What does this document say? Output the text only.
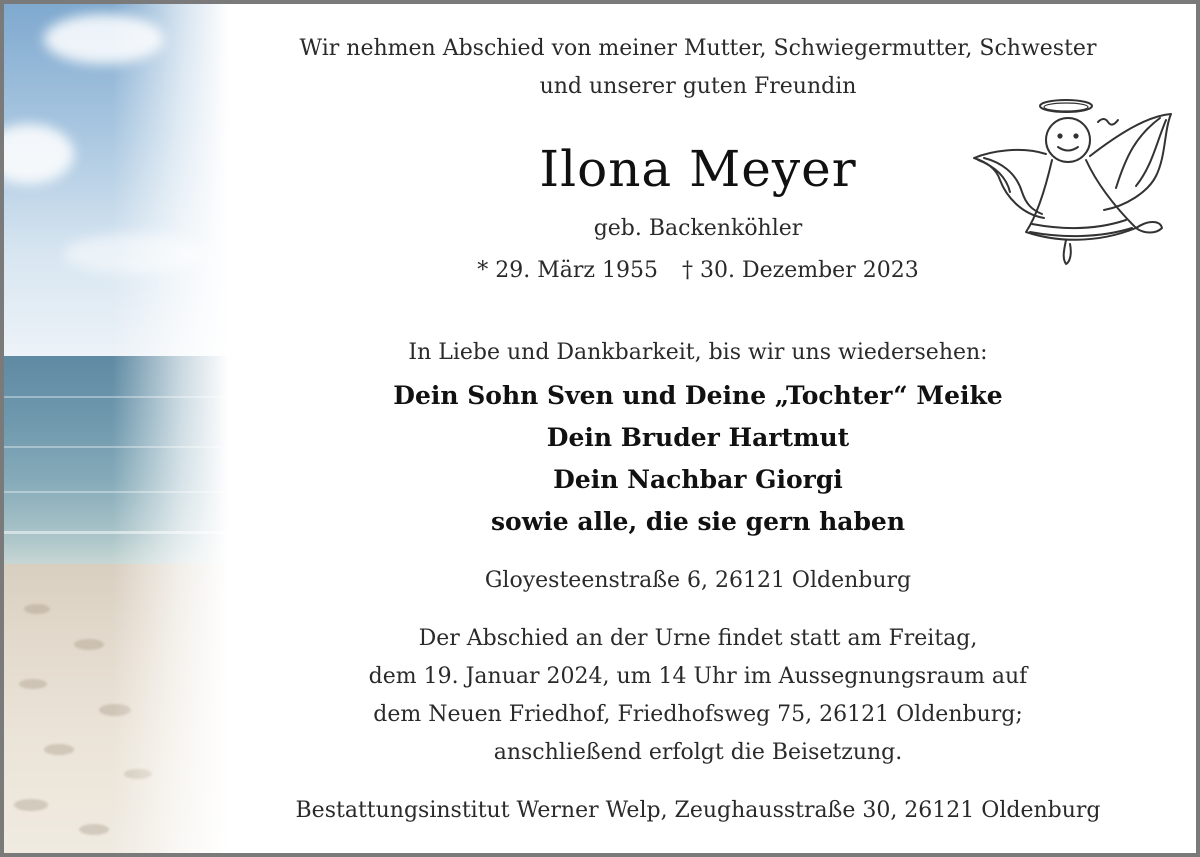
Wir nehmen Abschied von meiner Mutter, Schwiegermutter, Schwester
und unserer guten Freundin
Ilona Meyer
geb. Backenköhler
* 29. März 1955 † 30. Dezember 2023
In Liebe und Dankbarkeit, bis wir uns wiedersehen:
Dein Sohn Sven und Deine „Tochter“ Meike
Dein Bruder Hartmut
Dein Nachbar Giorgi
sowie alle, die sie gern haben
Gloyesteenstraße 6, 26121 Oldenburg
Der Abschied an der Urne findet statt am Freitag,
dem 19. Januar 2024, um 14 Uhr im Aussegnungsraum auf
dem Neuen Friedhof, Friedhofsweg 75, 26121 Oldenburg;
anschließend erfolgt die Beisetzung.
Bestattungsinstitut Werner Welp, Zeughausstraße 30, 26121 Oldenburg
